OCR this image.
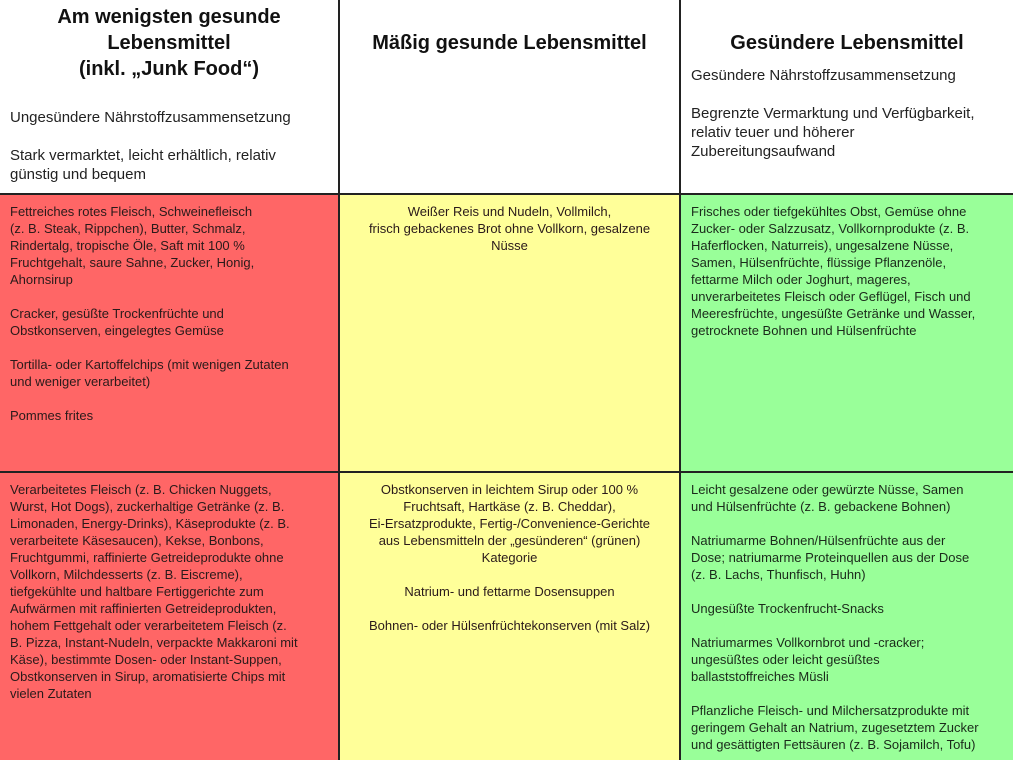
Am wenigsten gesunde
Lebensmittel
(inkl. „Junk Food“)

Ungesündere Nährstoffzusammensetzung

Stark vermarktet, leicht erhältlich, relativ
günstig und bequem

Mäßig gesunde Lebensmittel	Gesündere Lebensmittel

Gesündere Nährstoffzusammensetzung

Begrenzte Vermarktung und Verfügbarkeit,
relativ teuer und höherer
Zubereitungsaufwand

Fettreiches rotes Fleisch, Schweinefleisch
(z. B. Steak, Rippchen), Butter, Schmalz,
Rindertalg, tropische Öle, Saft mit 100 %
Fruchtgehalt, saure Sahne, Zucker, Honig,
Ahornsirup

Cracker, gesüßte Trockenfrüchte und
Obstkonserven, eingelegtes Gemüse

Tortilla- oder Kartoffelchips (mit wenigen Zutaten
und weniger verarbeitet)

Pommes frites

Weißer Reis und Nudeln, Vollmilch,
frisch gebackenes Brot ohne Vollkorn, gesalzene
Nüsse

Frisches oder tiefgekühltes Obst, Gemüse ohne
Zucker- oder Salzzusatz, Vollkornprodukte (z. B.
Haferflocken, Naturreis), ungesalzene Nüsse,
Samen, Hülsenfrüchte, flüssige Pflanzenöle,
fettarme Milch oder Joghurt, mageres,
unverarbeitetes Fleisch oder Geflügel, Fisch und
Meeresfrüchte, ungesüßte Getränke und Wasser,
getrocknete Bohnen und Hülsenfrüchte

Verarbeitetes Fleisch (z. B. Chicken Nuggets,
Wurst, Hot Dogs), zuckerhaltige Getränke (z. B.
Limonaden, Energy-Drinks), Käseprodukte (z. B.
verarbeitete Käsesaucen), Kekse, Bonbons,
Fruchtgummi, raffinierte Getreideprodukte ohne
Vollkorn, Milchdesserts (z. B. Eiscreme),
tiefgekühlte und haltbare Fertiggerichte zum
Aufwärmen mit raffinierten Getreideprodukten,
hohem Fettgehalt oder verarbeitetem Fleisch (z.
B. Pizza, Instant-Nudeln, verpackte Makkaroni mit
Käse), bestimmte Dosen- oder Instant-Suppen,
Obstkonserven in Sirup, aromatisierte Chips mit
vielen Zutaten

Obstkonserven in leichtem Sirup oder 100 %
Fruchtsaft, Hartkäse (z. B. Cheddar),
Ei-Ersatzprodukte, Fertig-/Convenience-Gerichte
aus Lebensmitteln der „gesünderen“ (grünen)
Kategorie

Natrium- und fettarme Dosensuppen

Bohnen- oder Hülsenfrüchtekonserven (mit Salz)

Leicht gesalzene oder gewürzte Nüsse, Samen
und Hülsenfrüchte (z. B. gebackene Bohnen)

Natriumarme Bohnen/Hülsenfrüchte aus der
Dose; natriumarme Proteinquellen aus der Dose
(z. B. Lachs, Thunfisch, Huhn)

Ungesüßte Trockenfrucht-Snacks

Natriumarmes Vollkornbrot und -cracker;
ungesüßtes oder leicht gesüßtes
ballaststoffreiches Müsli

Pflanzliche Fleisch- und Milchersatzprodukte mit
geringem Gehalt an Natrium, zugesetztem Zucker
und gesättigten Fettsäuren (z. B. Sojamilch, Tofu)
